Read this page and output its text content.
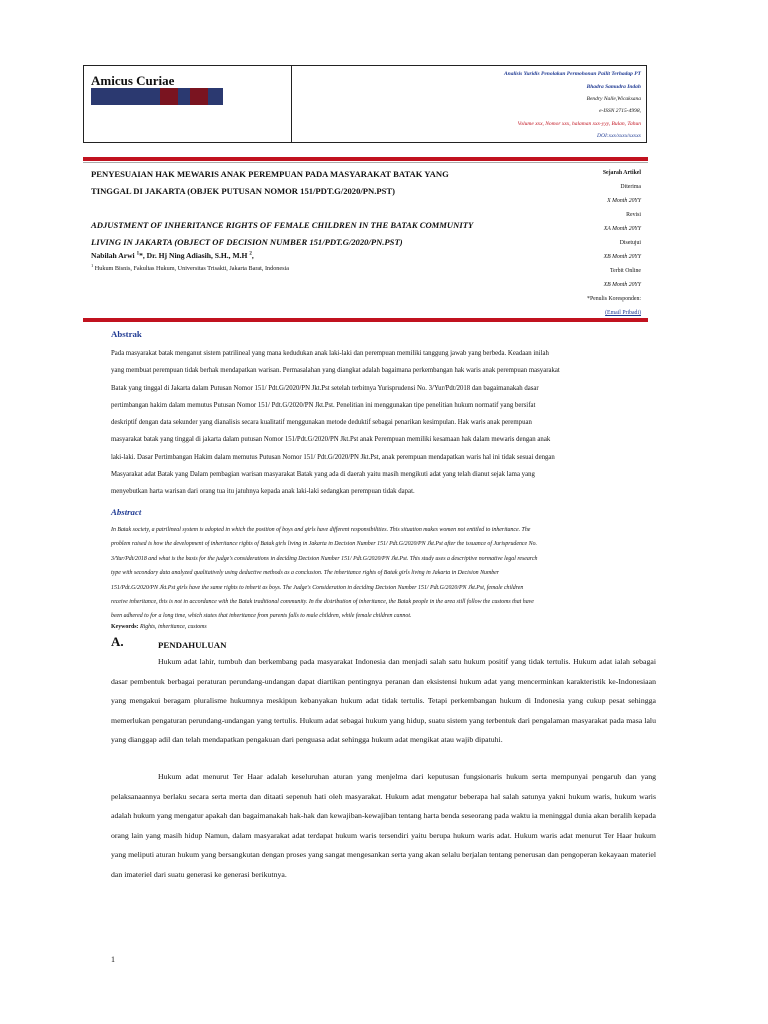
Amicus Curiae	Analisis Yuridis Penolakan Permohonan Pailit Terhadap PT
Bhadra Samudra Indah
Bendry Nalle,Wicaksana
e-ISSN 2715-4998,
Volume xxx, Nomor xxx, halaman xxx-yyy, Bulan, Tahun
DOI:xxx/xxxx/xxxxx
PENYESUAIAN HAK MEWARIS ANAK PEREMPUAN PADA MASYARAKAT BATAK YANG
TINGGAL DI JAKARTA (OBJEK PUTUSAN NOMOR 151/PDT.G/2020/PN.PST)
ADJUSTMENT OF INHERITANCE RIGHTS OF FEMALE CHILDREN IN THE BATAK COMMUNITY
LIVING IN JAKARTA (OBJECT OF DECISION NUMBER 151/PDT.G/2020/PN.PST)
Nabilah Arwi $^1$*, Dr. Hj Ning Adiasih, S.H., M.H $^2$,
$^1$ Hukum Bisnis, Fakultas Hukum, Universitas Trisakti, Jakarta Barat, Indonesia
Sejarah Artikel
Diterima
X Month 20YY
Revisi
XA Month 20YY
Disetujui
XB Month 20YY
Terbit Online
XB Month 20YY
*Penulis Koresponden:
(Email Pribadi)
Abstrak
Pada masyarakat batak menganut sistem patrilineal yang mana kedudukan anak laki-laki dan perempuan memiliki tanggung jawab yang berbeda. Keadaan inilah
yang membuat perempuan tidak berhak mendapatkan warisan. Permasalahan yang diangkat adalah bagaimana perkembangan hak waris anak perempuan masyarakat
Batak yang tinggal di Jakarta dalam Putusan Nomor 151/ Pdt.G/2020/PN Jkt.Pst setelah terbitnya Yurisprudensi No. 3/Yur/Pdt/2018 dan bagaimanakah dasar
pertimbangan hakim dalam memutus Putusan Nomor 151/ Pdt.G/2020/PN Jkt.Pst. Penelitian ini menggunakan tipe penelitian hukum normatif yang bersifat
deskriptif dengan data sekunder yang dianalisis secara kualitatif menggunakan metode deduktif sebagai penarikan kesimpulan. Hak waris anak perempuan
masyarakat batak yang tinggal di jakarta dalam putusan Nomor 151/Pdt.G/2020/PN Jkt.Pst anak Perempuan memiliki kesamaan hak dalam mewaris dengan anak
laki-laki. Dasar Pertimbangan Hakim dalam memutus Putusan Nomor 151/ Pdt.G/2020/PN Jkt.Pst, anak perempuan mendapatkan waris hal ini tidak sesuai dengan
Masyarakat adat Batak yang Dalam pembagian warisan masyarakat Batak yang ada di daerah yaitu masih mengikuti adat yang telah dianut sejak lama yang
menyebutkan harta warisan dari orang tua itu jatuhnya kepada anak laki-laki sedangkan perempuan tidak dapat.
Abstract
In Batak society, a patrilineal system is adopted in which the position of boys and girls have different responsibilities. This situation makes women not entitled to inheritance. The
problem raised is how the development of inheritance rights of Batak girls living in Jakarta in Decision Number 151/ Pdt.G/2020/PN Jkt.Pst after the issuance of Jurisprudence No.
3/Yur/Pdt/2018 and what is the basis for the judge's considerations in deciding Decision Number 151/ Pdt.G/2020/PN Jkt.Pst. This study uses a descriptive normative legal research
type with secondary data analyzed qualitatively using deductive methods as a conclusion. The inheritance rights of Batak girls living in Jakarta in Decision Number
151/Pdt.G/2020/PN Jkt.Pst girls have the same rights to inherit as boys. The Judge's Consideration in deciding Decision Number 151/ Pdt.G/2020/PN Jkt.Pst, female children
receive inheritance, this is not in accordance with the Batak traditional community. In the distribution of inheritance, the Batak people in the area still follow the customs that have
been adhered to for a long time, which states that inheritance from parents falls to male children, while female children cannot.
Keywords: Rights, inheritance, customs
A.	PENDAHULUAN
Hukum adat lahir, tumbuh dan berkembang pada masyarakat Indonesia dan menjadi salah satu hukum positif yang tidak tertulis. Hukum adat ialah sebagai dasar pembentuk berbagai peraturan perundang-undangan dapat diartikan pentingnya peranan dan eksistensi hukum adat yang mencerminkan karakteristik ke-Indonesiaan yang mengakui beragam pluralisme hukumnya meskipun kebanyakan hukum adat tidak tertulis. Tetapi perkembangan hukum di Indonesia yang cukup pesat sehingga memerlukan pengaturan perundang-undangan yang tertulis. Hukum adat sebagai hukum yang hidup, suatu sistem yang terbentuk dari pengalaman masyarakat pada masa lalu yang dianggap adil dan telah mendapatkan pengakuan dari penguasa adat sehingga hukum adat mengikat atau wajib dipatuhi.
Hukum adat menurut Ter Haar adalah keseluruhan aturan yang menjelma dari keputusan fungsionaris hukum serta mempunyai pengaruh dan yang pelaksanaannya berlaku secara serta merta dan ditaati sepenuh hati oleh masyarakat. Hukum adat mengatur beberapa hal salah satunya yakni hukum waris, hukum waris adalah hukum yang mengatur apakah dan bagaimanakah hak-hak dan kewajiban-kewajiban tentang harta benda seseorang pada waktu ia meninggal dunia akan beralih kepada orang lain yang masih hidup Namun, dalam masyarakat adat terdapat hukum waris tersendiri yaitu berupa hukum waris adat. Hukum waris adat menurut Ter Haar hukum yang meliputi aturan hukum yang bersangkutan dengan proses yang sangat mengesankan serta yang akan selalu berjalan tentang penerusan dan pengoperan kekayaan materiel dan imateriel dari suatu generasi ke generasi berikutnya.
1
